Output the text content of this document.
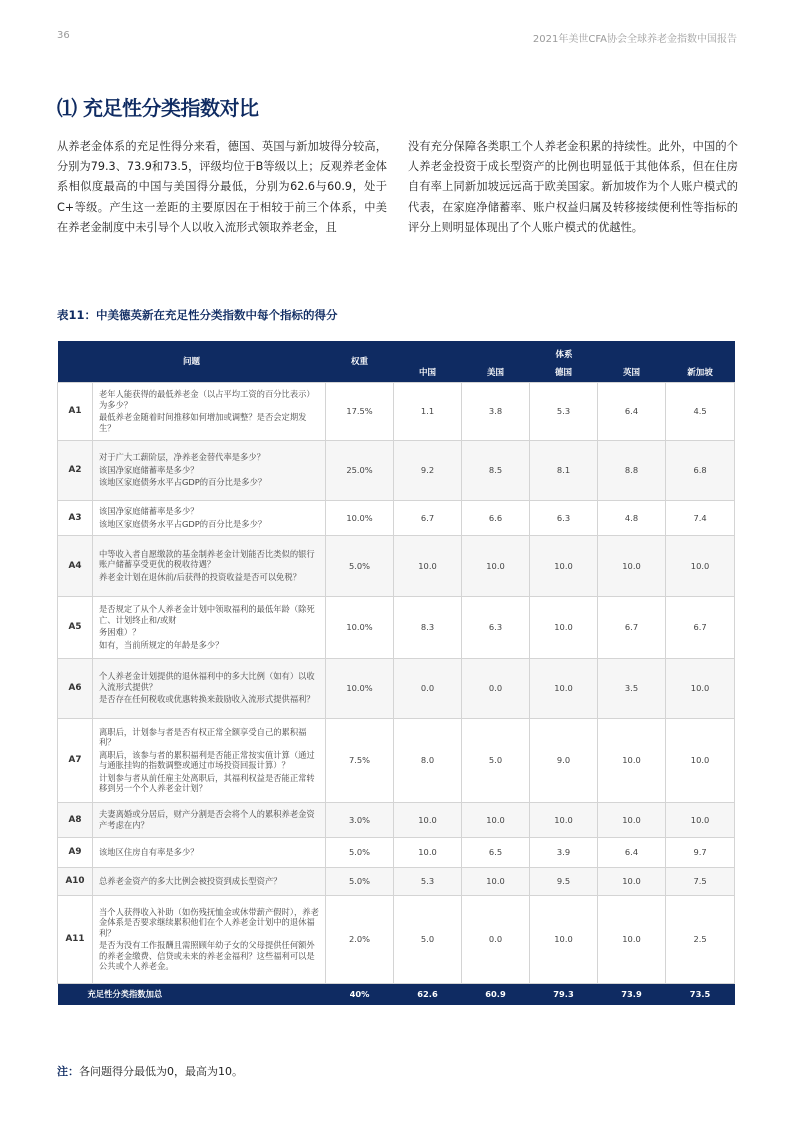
36	2021年美世CFA协会全球养老金指数中国报告
⑴ 充足性分类指数对比
从养老金体系的充足性得分来看，德国、英国与新加坡得分较高，分别为79.3、73.9和73.5，评级均位于B等级以上；反观养老金体系相似度最高的中国与美国得分最低，分别为62.6与60.9，处于C+等级。产生这一差距的主要原因在于相较于前三个体系，中美在养老金制度中未引导个人以收入流形式领取养老金，且
没有充分保障各类职工个人养老金积累的持续性。此外，中国的个人养老金投资于成长型资产的比例也明显低于其他体系，但在住房自有率上同新加坡远远高于欧美国家。新加坡作为个人账户模式的代表，在家庭净储蓄率、账户权益归属及转移接续便利性等指标的评分上则明显体现出了个人账户模式的优越性。
表11：中美德英新在充足性分类指数中每个指标的得分
问题		权重	体系				
			中国	美国	德国	英国	新加坡
A1	老年人能获得的最低养老金（以占平均工资的百分比表示）为多少？

最低养老金随着时间推移如何增加或调整？是否会定期发生？	17.5%	1.1	3.8	5.3	6.4	4.5
A2	对于广大工薪阶层，净养老金替代率是多少？

该国净家庭储蓄率是多少？

该地区家庭债务水平占GDP的百分比是多少？	25.0%	9.2	8.5	8.1	8.8	6.8
A3	该国净家庭储蓄率是多少？

该地区家庭债务水平占GDP的百分比是多少？	10.0%	6.7	6.6	6.3	4.8	7.4
A4	中等收入者自愿缴款的基金制养老金计划能否比类似的银行账户储蓄享受更优的税收待遇？

养老金计划在退休前/后获得的投资收益是否可以免税？	5.0%	10.0	10.0	10.0	10.0	10.0
A5	是否规定了从个人养老金计划中领取福利的最低年龄（除死亡、计划终止和/或财

务困难）？

如有，当前所规定的年龄是多少？	10.0%	8.3	6.3	10.0	6.7	6.7
A6	个人养老金计划提供的退休福利中的多大比例（如有）以收入流形式提供？

是否存在任何税收或优惠转换来鼓励收入流形式提供福利？	10.0%	0.0	0.0	10.0	3.5	10.0
A7	离职后，计划参与者是否有权正常全额享受自己的累积福利？

离职后，该参与者的累积福利是否能正常按实值计算（通过与通胀挂钩的指数调整或通过市场投资回报计算）？

计划参与者从前任雇主处离职后，其福利权益是否能正常转移到另一个个人养老金计划？	7.5%	8.0	5.0	9.0	10.0	10.0
A8	夫妻离婚或分居后，财产分割是否会将个人的累积养老金资产考虑在内？	3.0%	10.0	10.0	10.0	10.0	10.0
A9	该地区住房自有率是多少？	5.0%	10.0	6.5	3.9	6.4	9.7
A10	总养老金资产的多大比例会被投资到成长型资产？	5.0%	5.3	10.0	9.5	10.0	7.5
A11	当个人获得收入补助（如伤残抚恤金或休带薪产假时），养老金体系是否要求继续累积他们在个人养老金计划中的退休福利？

是否为没有工作报酬且需照顾年幼子女的父母提供任何额外的养老金缴费、信贷或未来的养老金福利？这些福利可以是公共或个人养老金。	2.0%	5.0	0.0	10.0	10.0	2.5
充足性分类指数加总		40%	62.6	60.9	79.3	73.9	73.5
注：各问题得分最低为0，最高为10。
